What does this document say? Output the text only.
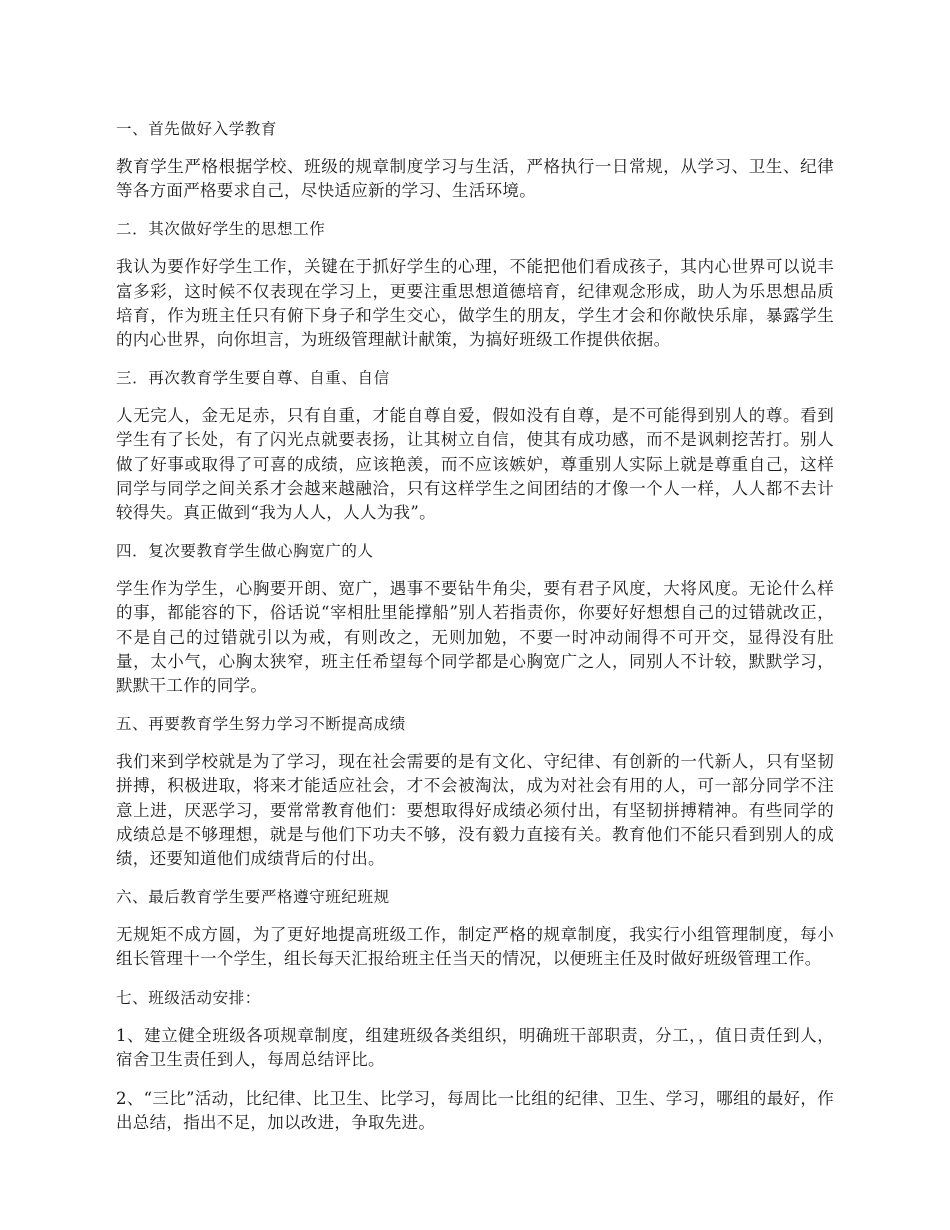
一、首先做好入学教育

教育学生严格根据学校、班级的规章制度学习与生活，严格执行一日常规，从学习、卫生、纪律等各方面严格要求自己，尽快适应新的学习、生活环境。

二．其次做好学生的思想工作

我认为要作好学生工作，关键在于抓好学生的心理，不能把他们看成孩子，其内心世界可以说丰富多彩，这时候不仅表现在学习上，更要注重思想道德培育，纪律观念形成，助人为乐思想品质培育，作为班主任只有俯下身子和学生交心，做学生的朋友，学生才会和你敞快乐扉，暴露学生的内心世界，向你坦言，为班级管理献计献策，为搞好班级工作提供依据。

三．再次教育学生要自尊、自重、自信

人无完人，金无足赤，只有自重，才能自尊自爱，假如没有自尊，是不可能得到别人的尊。看到学生有了长处，有了闪光点就要表扬，让其树立自信，使其有成功感，而不是讽刺挖苦打。别人做了好事或取得了可喜的成绩，应该艳羡，而不应该嫉妒，尊重别人实际上就是尊重自己，这样同学与同学之间关系才会越来越融洽，只有这样学生之间团结的才像一个人一样，人人都不去计较得失。真正做到“我为人人，人人为我”。

四．复次要教育学生做心胸宽广的人

学生作为学生，心胸要开朗、宽广，遇事不要钻牛角尖，要有君子风度，大将风度。无论什么样的事，都能容的下，俗话说“宰相肚里能撑船”别人若指责你，你要好好想想自己的过错就改正，不是自己的过错就引以为戒，有则改之，无则加勉，不要一时冲动闹得不可开交，显得没有肚量，太小气，心胸太狭窄，班主任希望每个同学都是心胸宽广之人，同别人不计较，默默学习，默默干工作的同学。

五、再要教育学生努力学习不断提高成绩

我们来到学校就是为了学习，现在社会需要的是有文化、守纪律、有创新的一代新人，只有坚韧拼搏，积极进取，将来才能适应社会，才不会被淘汰，成为对社会有用的人，可一部分同学不注意上进，厌恶学习，要常常教育他们：要想取得好成绩必须付出，有坚韧拼搏精神。有些同学的成绩总是不够理想，就是与他们下功夫不够，没有毅力直接有关。教育他们不能只看到别人的成绩，还要知道他们成绩背后的付出。

六、最后教育学生要严格遵守班纪班规

无规矩不成方圆，为了更好地提高班级工作，制定严格的规章制度，我实行小组管理制度，每小组长管理十一个学生，组长每天汇报给班主任当天的情况，以便班主任及时做好班级管理工作。

七、班级活动安排：

1、建立健全班级各项规章制度，组建班级各类组织，明确班干部职责，分工，，值日责任到人，宿舍卫生责任到人，每周总结评比。

2、“三比”活动，比纪律、比卫生、比学习，每周比一比组的纪律、卫生、学习，哪组的最好，作出总结，指出不足，加以改进，争取先进。
